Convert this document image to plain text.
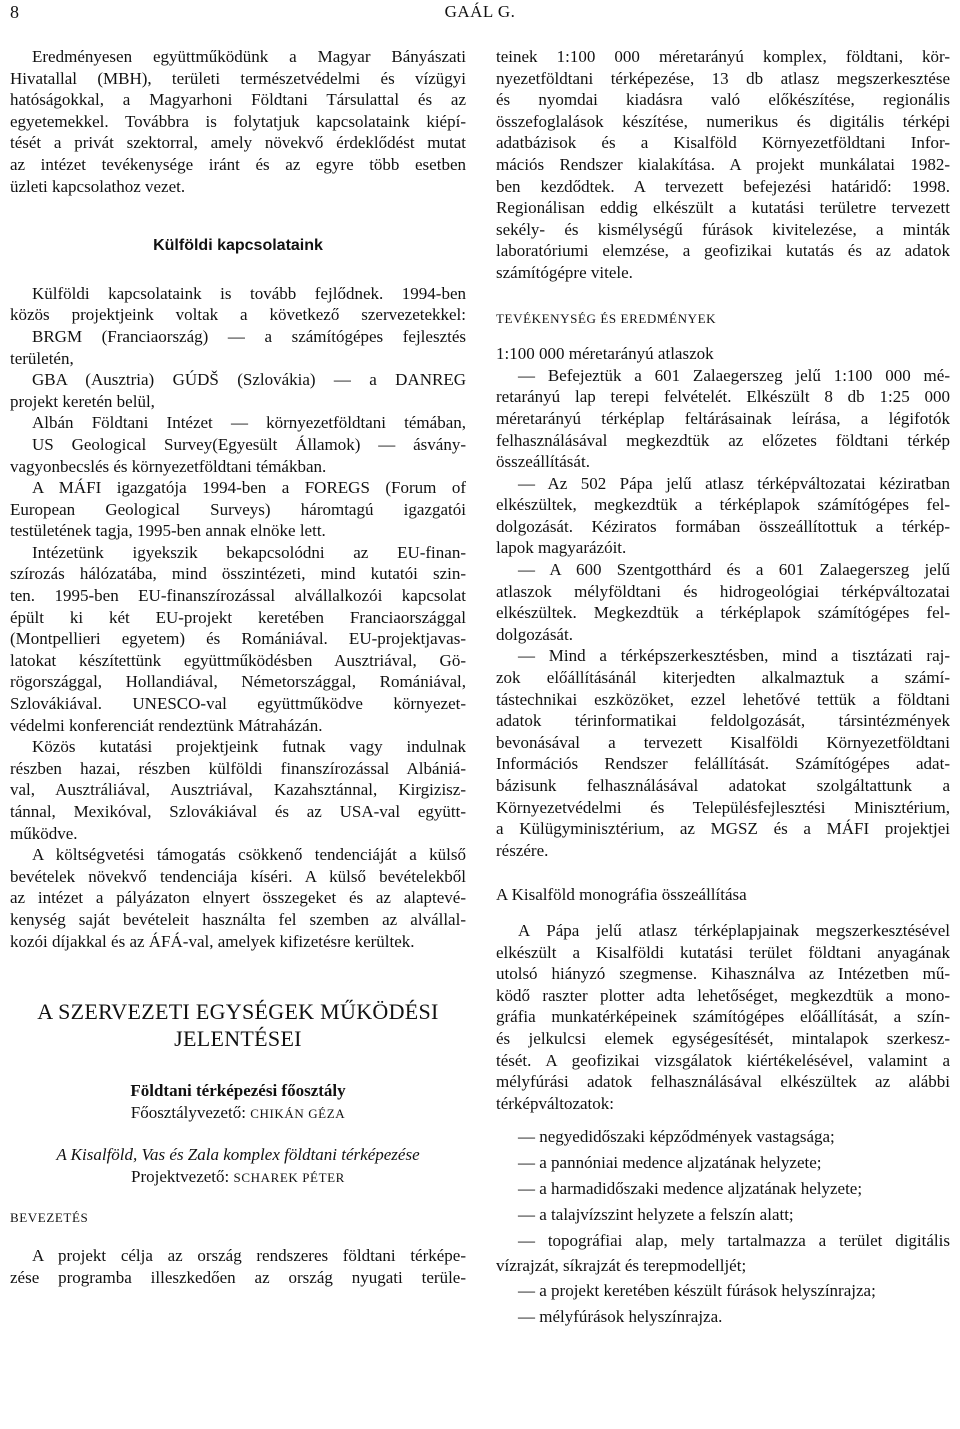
8	GAÁL G.
Eredményesen együttműködünk a Magyar Bányászati
Hivatallal (MBH), területi természetvédelmi és vízügyi
hatóságokkal, a Magyarhoni Földtani Társulattal és az
egyetemekkel. Továbbra is folytatjuk kapcsolataink kiépí-
tését a privát szektorral, amely növekvő érdeklődést mutat
az intézet tevékenysége iránt és az egyre több esetben
üzleti kapcsolathoz vezet.
Külföldi kapcsolataink
Külföldi kapcsolataink is tovább fejlődnek. 1994-ben
közös projektjeink voltak a következő szervezetekkel:
BRGM (Franciaország) — a számítógépes fejlesztés
területén,
GBA (Ausztria) GÚDŠ (Szlovákia) — a DANREG
projekt keretén belül,
Albán Földtani Intézet — környezetföldtani témában,
US Geological Survey(Egyesült Államok) — ásvány-
vagyonbecslés és környezetföldtani témákban.
A MÁFI igazgatója 1994-ben a FOREGS (Forum of
European Geological Surveys) háromtagú igazgatói
testületének tagja, 1995-ben annak elnöke lett.
Intézetünk igyekszik bekapcsolódni az EU-finan-
szírozás hálózatába, mind összintézeti, mind kutatói szin-
ten. 1995-ben EU-finanszírozással alvállalkozói kapcsolat
épült ki két EU-projekt keretében Franciaországgal
(Montpellieri egyetem) és Romániával. EU-projektjavas-
latokat készítettünk együttműködésben Ausztriával, Gö-
rögországgal, Hollandiával, Németországgal, Romániával,
Szlovákiával. UNESCO-val együttműködve környezet-
védelmi konferenciát rendeztünk Mátraházán.
Közös kutatási projektjeink futnak vagy indulnak
részben hazai, részben külföldi finanszírozással Albániá-
val, Ausztráliával, Ausztriával, Kazahsztánnal, Kirgizisz-
tánnal, Mexikóval, Szlovákiával és az USA-val együtt-
működve.
A költségvetési támogatás csökkenő tendenciáját a külső
bevételek növekvő tendenciája kíséri. A külső bevételekből
az intézet a pályázaton elnyert összegeket és az alaptevé-
kenység saját bevételeit használta fel szemben az alvállal-
kozói díjakkal és az ÁFÁ-val, amelyek kifizetésre kerültek.
A SZERVEZETI EGYSÉGEK MŰKÖDÉSI
JELENTÉSEI
Földtani térképezési főosztály
Főosztályvezető: CHIKÁN GÉZA
A Kisalföld, Vas és Zala komplex földtani térképezése
Projektvezető: SCHAREK PÉTER
BEVEZETÉS
A projekt célja az ország rendszeres földtani térképe-
zése programba illeszkedően az ország nyugati terüle-
teinek 1:100 000 méretarányú komplex, földtani, kör-
nyezetföldtani térképezése, 13 db atlasz megszerkesztése
és nyomdai kiadásra való előkészítése, regionális
összefoglalások készítése, numerikus és digitális térképi
adatbázisok és a Kisalföld Környezetföldtani Infor-
mációs Rendszer kialakítása. A projekt munkálatai 1982-
ben kezdődtek. A tervezett befejezési határidő: 1998.
Regionálisan eddig elkészült a kutatási területre tervezett
sekély- és kismélységű fúrások kivitelezése, a minták
laboratóriumi elemzése, a geofizikai kutatás és az adatok
számítógépre vitele.
TEVÉKENYSÉG ÉS EREDMÉNYEK
1:100 000 méretarányú atlaszok
— Befejeztük a 601 Zalaegerszeg jelű 1:100 000 mé-
retarányú lap terepi felvételét. Elkészült 8 db 1:25 000
méretarányú térképlap feltárásainak leírása, a légifotók
felhasználásával megkezdtük az előzetes földtani térkép
összeállítását.
— Az 502 Pápa jelű atlasz térképváltozatai kéziratban
elkészültek, megkezdtük a térképlapok számítógépes fel-
dolgozását. Kéziratos formában összeállítottuk a térkép-
lapok magyarázóit.
— A 600 Szentgotthárd és a 601 Zalaegerszeg jelű
atlaszok mélyföldtani és hidrogeológiai térképváltozatai
elkészültek. Megkezdtük a térképlapok számítógépes fel-
dolgozását.
— Mind a térképszerkesztésben, mind a tisztázati raj-
zok előállításánál kiterjedten alkalmaztuk a számí-
tástechnikai eszközöket, ezzel lehetővé tettük a földtani
adatok térinformatikai feldolgozását, társintézmények
bevonásával a tervezett Kisalföldi Környezetföldtani
Információs Rendszer felállítását. Számítógépes adat-
bázisunk felhasználásával adatokat szolgáltattunk a
Környezetvédelmi és Településfejlesztési Minisztérium,
a Külügyminisztérium, az MGSZ és a MÁFI projektjei
részére.
A Kisalföld monográfia összeállítása
A Pápa jelű atlasz térképlapjainak megszerkesztésével
elkészült a Kisalföldi kutatási terület földtani anyagának
utolsó hiányzó szegmense. Kihasználva az Intézetben mű-
ködő raszter plotter adta lehetőséget, megkezdtük a mono-
gráfia munkatérképeinek számítógépes előállítását, a szín-
és jelkulcsi elemek egységesítését, mintalapok szerkesz-
tését. A geofizikai vizsgálatok kiértékelésével, valamint a
mélyfúrási adatok felhasználásával elkészültek az alábbi
térképváltozatok:
— negyedidőszaki képződmények vastagsága;
— a pannóniai medence aljzatának helyzete;
— a harmadidőszaki medence aljzatának helyzete;
— a talajvízszint helyzete a felszín alatt;
— topográfiai alap, mely tartalmazza a terület digitális
vízrajzát, síkrajzát és terepmodelljét;
— a projekt keretében készült fúrások helyszínrajza;
— mélyfúrások helyszínrajza.
